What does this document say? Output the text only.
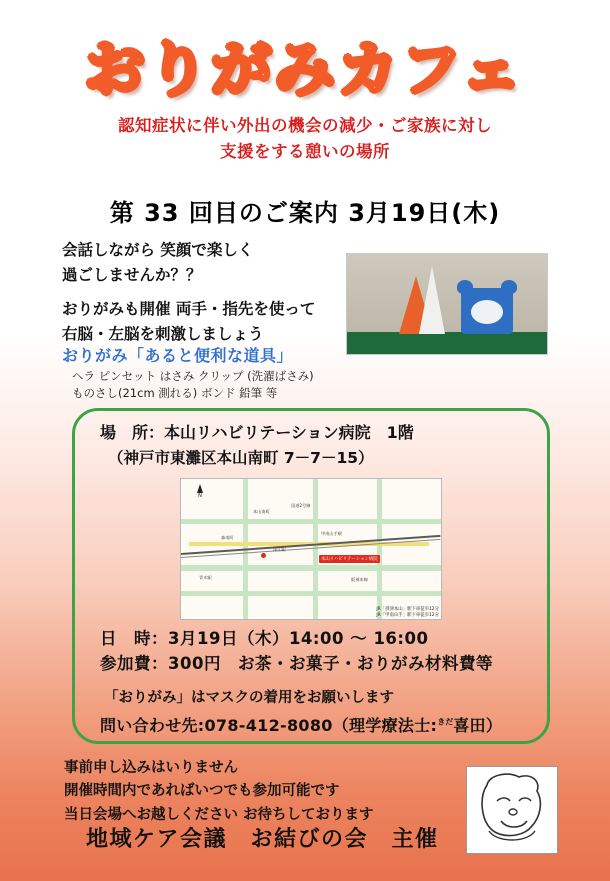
おりがみカフェ
認知症状に伴い外出の機会の減少・ご家族に対し
支援をする憩いの場所
第 33 回目のご案内 3月19日(木)
会話しながら 笑顔で楽しく
過ごしませんか？？
おりがみも開催 両手・指先を使って
右脳・左脳を刺激しましょう
おりがみ「あると便利な道具」
ヘラ ピンセット はさみ クリップ (洗濯ばさみ)
ものさし(21cm 測れる) ボンド 鉛筆 等
場　所：本山リハビリテーション病院　1階
（神戸市東灘区本山南町 7－7－15）
N
本山南町
甲南山手駅
国道2号線
森南町
深江駅
青木駅	阪神本線
本山リハビリテーション病院
JR「摂津本山」駅下車徒歩12分
JR「甲南山手」駅下車徒歩12分
日　時：3月19日（木）14:00 ～ 16:00
参加費：300円　お茶・お菓子・おりがみ材料費等
「おりがみ」はマスクの着用をお願いします
問い合わせ先:078-412-8080（理学療法士:$^{きだ}$喜田）
事前申し込みはいりません
開催時間内であればいつでも参加可能です
当日会場へお越しください お待ちしております
地域ケア会議　お結びの会　主催
